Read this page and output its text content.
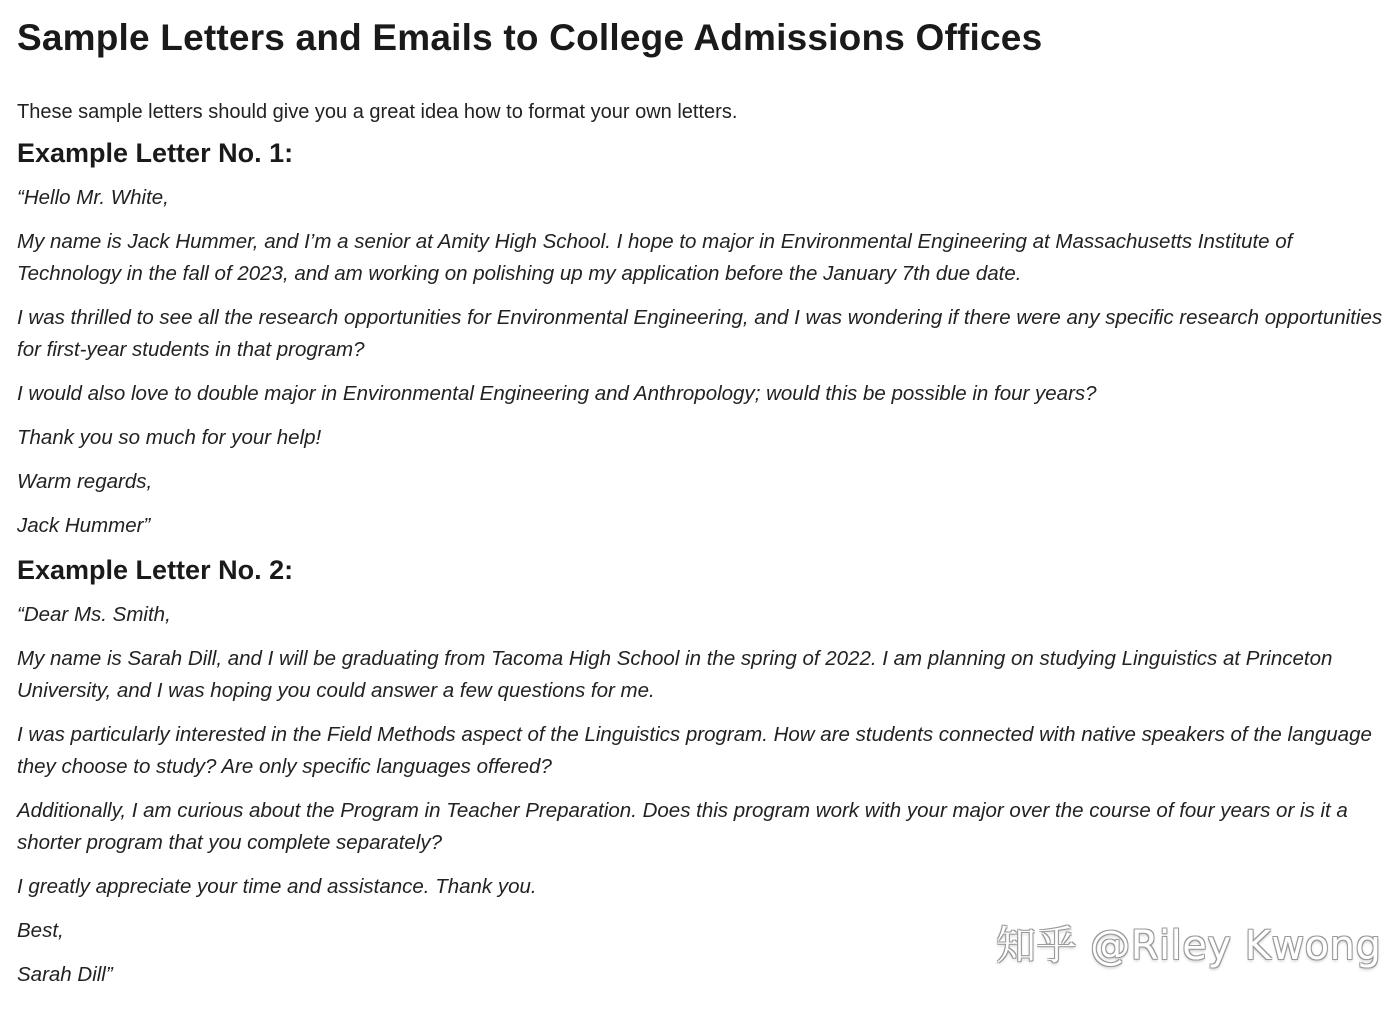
Sample Letters and Emails to College Admissions Offices

These sample letters should give you a great idea how to format your own letters.

Example Letter No. 1:

“Hello Mr. White,

My name is Jack Hummer, and I’m a senior at Amity High School. I hope to major in Environmental Engineering at Massachusetts Institute of Technology in the fall of 2023, and am working on polishing up my application before the January 7th due date.

I was thrilled to see all the research opportunities for Environmental Engineering, and I was wondering if there were any specific research opportunities for first-year students in that program?

I would also love to double major in Environmental Engineering and Anthropology; would this be possible in four years?

Thank you so much for your help!

Warm regards,

Jack Hummer”

Example Letter No. 2:

“Dear Ms. Smith,

My name is Sarah Dill, and I will be graduating from Tacoma High School in the spring of 2022. I am planning on studying Linguistics at Princeton University, and I was hoping you could answer a few questions for me.

I was particularly interested in the Field Methods aspect of the Linguistics program. How are students connected with native speakers of the language they choose to study? Are only specific languages offered?

Additionally, I am curious about the Program in Teacher Preparation. Does this program work with your major over the course of four years or is it a shorter program that you complete separately?

I greatly appreciate your time and assistance. Thank you.

Best,

Sarah Dill”

知乎 @Riley Kwong
